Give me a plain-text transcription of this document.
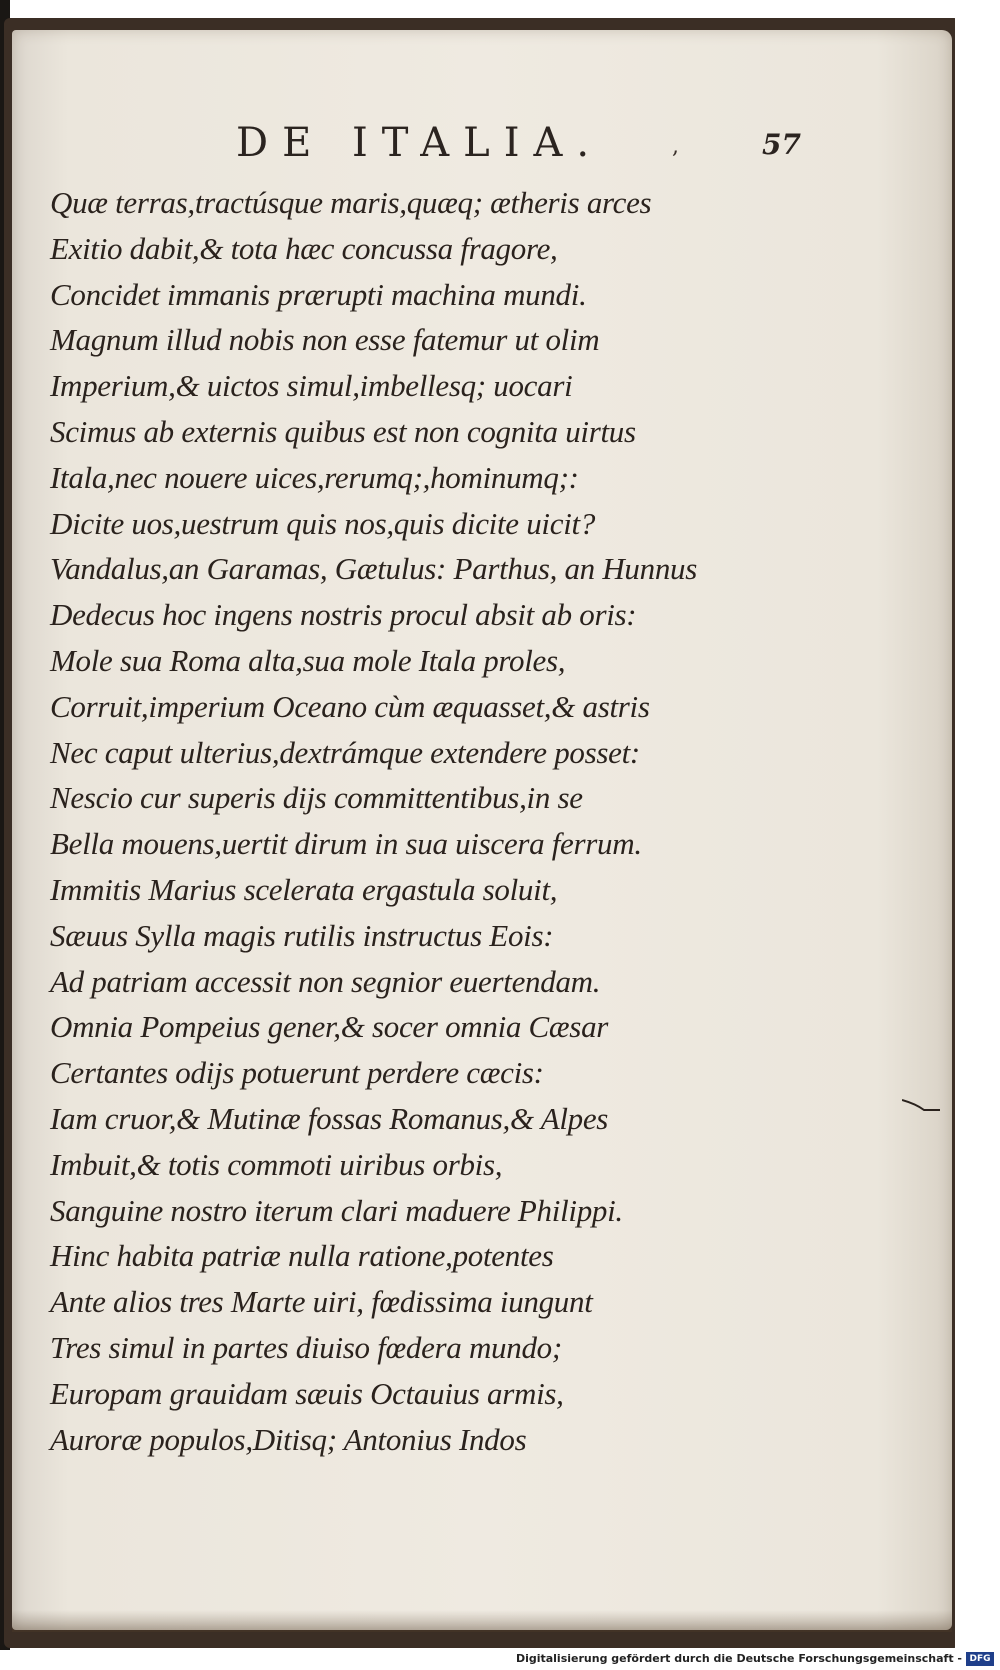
DE ITALIA.	,	57
Quæ terras,tractúsque maris,quæq; ætheris arces
Exitio dabit,& tota hæc concussa fragore,
Concidet immanis prærupti machina mundi.
Magnum illud nobis non esse fatemur ut olim
Imperium,& uictos simul,imbellesq; uocari
Scimus ab externis quibus est non cognita uirtus
Itala,nec nouere uices,rerumq;,hominumq;:
Dicite uos,uestrum quis nos,quis dicite uicit?
Vandalus,an Garamas, Gætulus: Parthus, an Hunnus
Dedecus hoc ingens nostris procul absit ab oris:
Mole sua Roma alta,sua mole Itala proles,
Corruit,imperium Oceano cùm æquasset,& astris
Nec caput ulterius,dextrámque extendere posset:
Nescio cur superis dijs committentibus,in se
Bella mouens,uertit dirum in sua uiscera ferrum.
Immitis Marius scelerata ergastula soluit,
Sæuus Sylla magis rutilis instructus Eois:
Ad patriam accessit non segnior euertendam.
Omnia Pompeius gener,& socer omnia Cæsar
Certantes odijs potuerunt perdere cæcis:
Iam cruor,& Mutinæ fossas Romanus,& Alpes
Imbuit,& totis commoti uiribus orbis,
Sanguine nostro iterum clari maduere Philippi.
Hinc habita patriæ nulla ratione,potentes
Ante alios tres Marte uiri, fœdissima iungunt
Tres simul in partes diuiso fœdera mundo;
Europam grauidam sæuis Octauius armis,
Auroræ populos,Ditisq; Antonius Indos
Digitalisierung gefördert durch die Deutsche Forschungsgemeinschaft - DFG
